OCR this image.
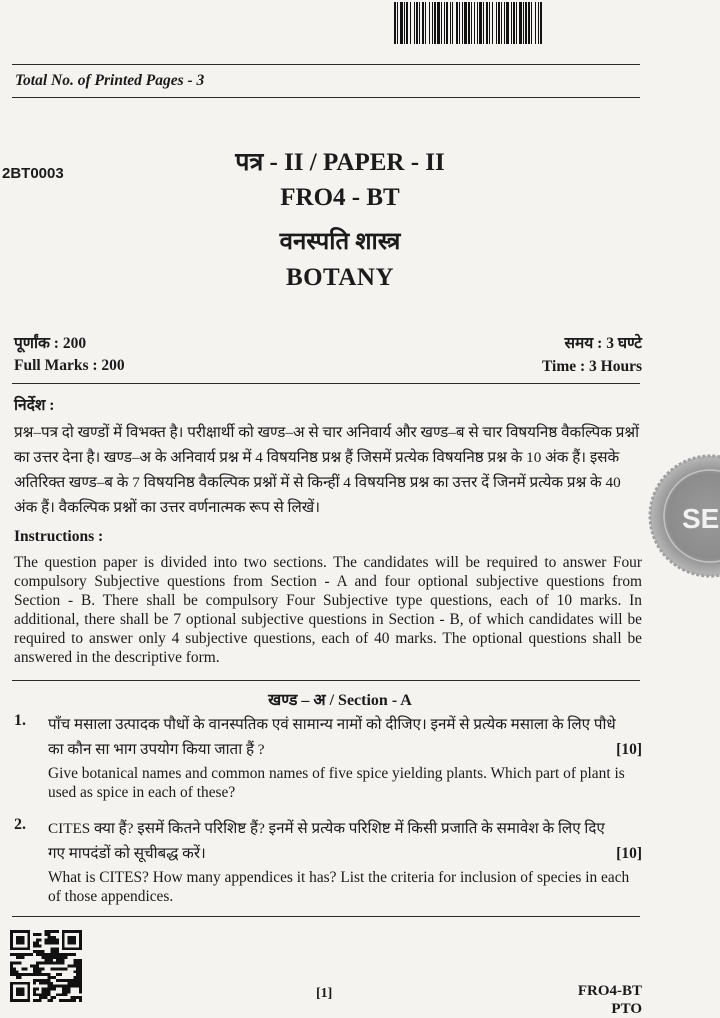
Total No. of Printed Pages - 3
2BT0003	पत्र - II / PAPER - II
FRO4 - BT
वनस्पति शास्त्र
BOTANY
पूर्णांक : 200	समय : 3 घण्टे
Full Marks : 200	Time : 3 Hours
निर्देश :
प्रश्न–पत्र दो खण्डों में विभक्त है। परीक्षार्थी को खण्ड–अ से चार अनिवार्य और खण्ड–ब से चार विषयनिष्ठ वैकल्पिक प्रश्नों का उत्तर देना है। खण्ड–अ के अनिवार्य प्रश्न में 4 विषयनिष्ठ प्रश्न हैं जिसमें प्रत्येक विषयनिष्ठ प्रश्न के 10 अंक हैं। इसके अतिरिक्त खण्ड–ब के 7 विषयनिष्ठ वैकल्पिक प्रश्नों में से किन्हीं 4 विषयनिष्ठ प्रश्न का उत्तर दें जिनमें प्रत्येक प्रश्न के 40 अंक हैं। वैकल्पिक प्रश्नों का उत्तर वर्णनात्मक रूप से लिखें।
Instructions :
The question paper is divided into two sections. The candidates will be required to answer Four compulsory Subjective questions from Section - A and four optional subjective questions from Section - B. There shall be compulsory Four Subjective type questions, each of 10 marks. In additional, there shall be 7 optional subjective questions in Section - B, of which candidates will be required to answer only 4 subjective questions, each of 40 marks. The optional questions shall be answered in the descriptive form.
खण्ड – अ / Section - A
1.
[10]
पाँच मसाला उत्पादक पौधों के वानस्पतिक एवं सामान्य नामों को दीजिए। इनमें से प्रत्येक मसाला के लिए पौधे का कौन सा भाग उपयोग किया जाता हैं ?
Give botanical names and common names of five spice yielding plants. Which part of plant is used as spice in each of these?
2.
[10]
CITES क्या हैं? इसमें कितने परिशिष्ट हैं? इनमें से प्रत्येक परिशिष्ट में किसी प्रजाति के समावेश के लिए दिए गए मापदंडों को सूचीबद्ध करें।
What is CITES? How many appendices it has? List the criteria for inclusion of species in each of those appendices.
[1]	FRO4-BT
PTO
SE
